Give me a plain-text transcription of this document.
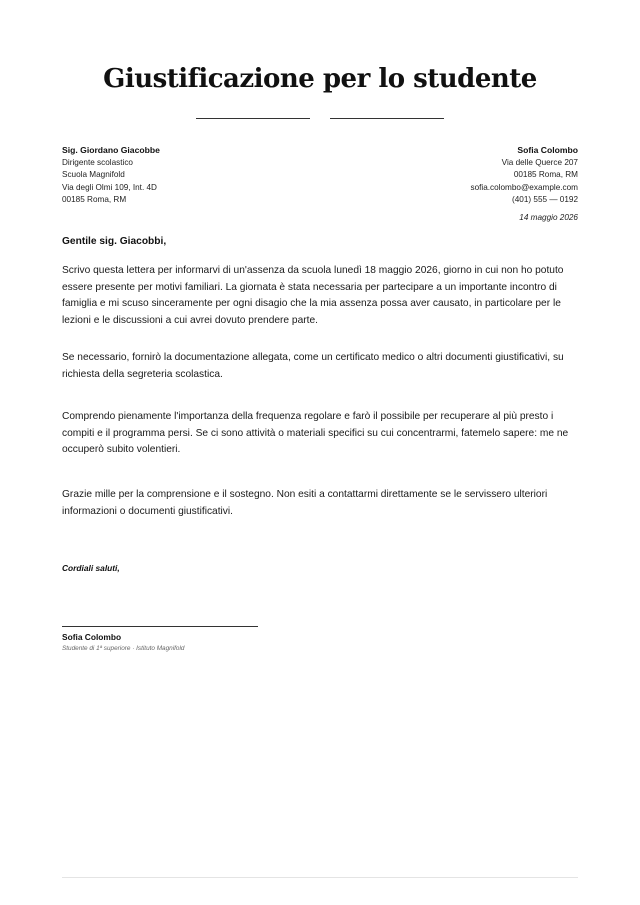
Giustificazione per lo studente
Sig. Giordano Giacobbe
Dirigente scolastico
Scuola Magnifold
Via degli Olmi 109, Int. 4D
00185 Roma, RM
Sofia Colombo
Via delle Querce 207
00185 Roma, RM
sofia.colombo@example.com
(401) 555 — 0192
14 maggio 2026

Gentile sig. Giacobbi,

Scrivo questa lettera per informarvi di un'assenza da scuola lunedì 18 maggio 2026, giorno in cui non ho potuto essere presente per motivi familiari. La giornata è stata necessaria per partecipare a un importante incontro di famiglia e mi scuso sinceramente per ogni disagio che la mia assenza possa aver causato, in particolare per le lezioni e le discussioni a cui avrei dovuto prendere parte.

Se necessario, fornirò la documentazione allegata, come un certificato medico o altri documenti giustificativi, su richiesta della segreteria scolastica.

Comprendo pienamente l'importanza della frequenza regolare e farò il possibile per recuperare al più presto i compiti e il programma persi. Se ci sono attività o materiali specifici su cui concentrarmi, fatemelo sapere: me ne occuperò subito volentieri.

Grazie mille per la comprensione e il sostegno. Non esiti a contattarmi direttamente se le servissero ulteriori informazioni o documenti giustificativi.

Cordiali saluti,

Sofia Colombo
Studente di 1ª superiore · Istituto Magnifold
